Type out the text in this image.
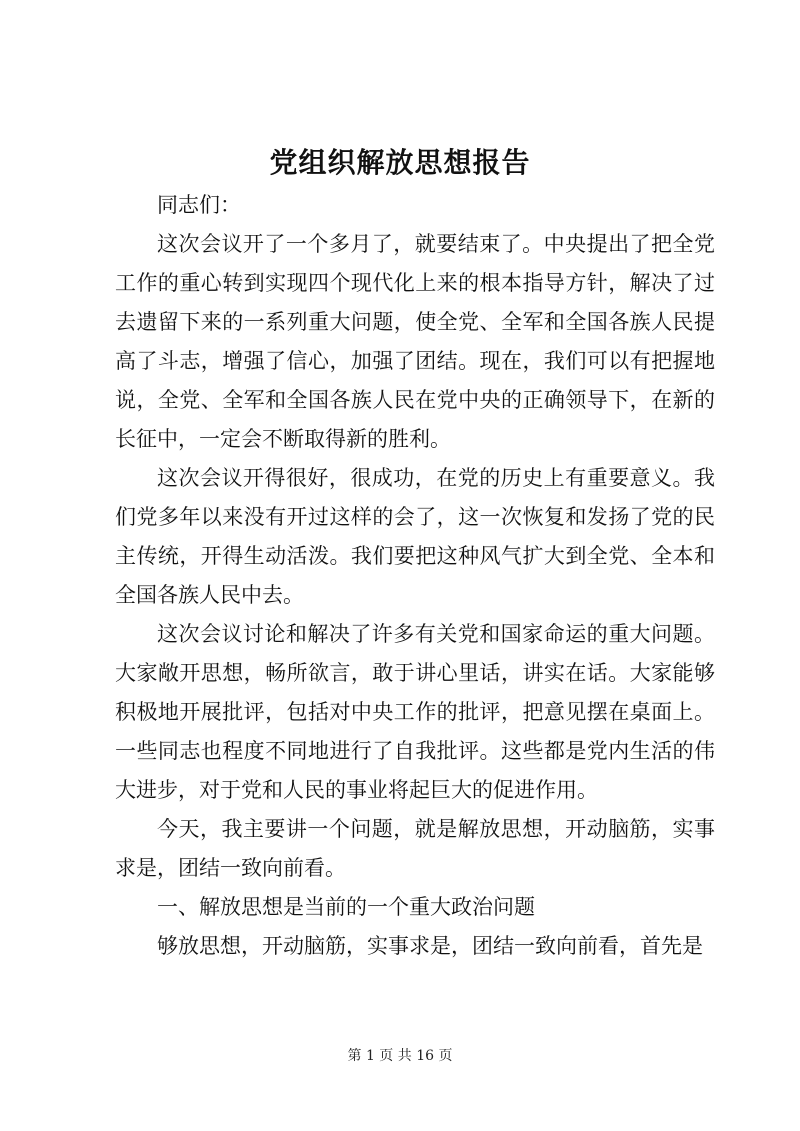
党组织解放思想报告

同志们：

这次会议开了一个多月了，就要结束了。中央提出了把全党工作的重心转到实现四个现代化上来的根本指导方针，解决了过去遗留下来的一系列重大问题，使全党、全军和全国各族人民提高了斗志，增强了信心，加强了团结。现在，我们可以有把握地说，全党、全军和全国各族人民在党中央的正确领导下，在新的长征中，一定会不断取得新的胜利。

这次会议开得很好，很成功，在党的历史上有重要意义。我们党多年以来没有开过这样的会了，这一次恢复和发扬了党的民主传统，开得生动活泼。我们要把这种风气扩大到全党、全本和全国各族人民中去。

这次会议讨论和解决了许多有关党和国家命运的重大问题。大家敞开思想，畅所欲言，敢于讲心里话，讲实在话。大家能够积极地开展批评，包括对中央工作的批评，把意见摆在桌面上。一些同志也程度不同地进行了自我批评。这些都是党内生活的伟大进步，对于党和人民的事业将起巨大的促进作用。

今天，我主要讲一个问题，就是解放思想，开动脑筋，实事求是，团结一致向前看。

一、解放思想是当前的一个重大政治问题

够放思想，开动脑筋，实事求是，团结一致向前看，首先是

第 1 页 共 16 页
